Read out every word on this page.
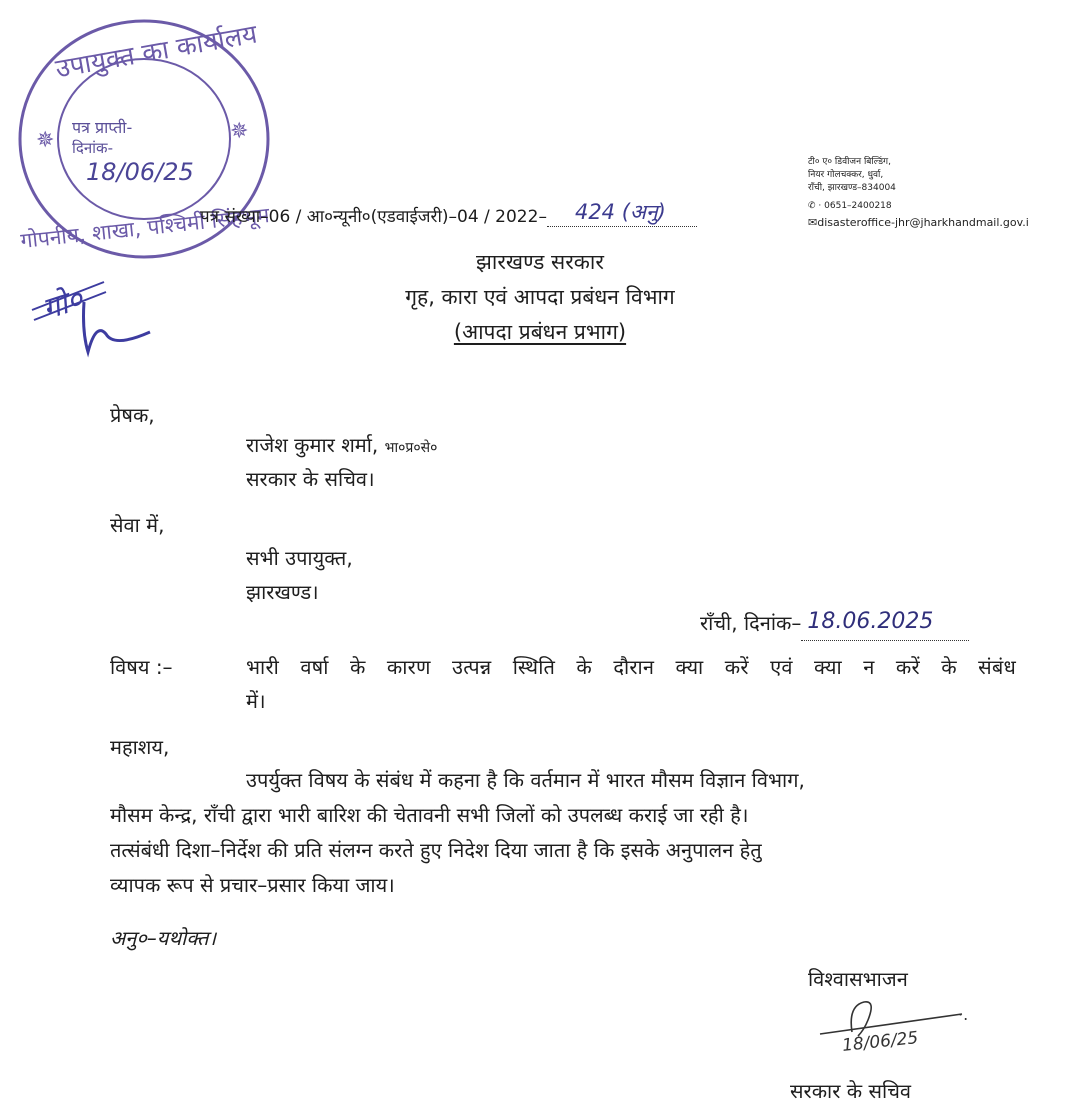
✵	✵
उपायुक्त का कार्यालय
गोपनीय, शाखा, पश्चिमी सिंहभूम
पत्र प्राप्ती-
दिनांक-
18/06/25
गो०
टी० ए० डिवीजन बिल्डिंग,
नियर गोलचक्कर, धुर्वा,
राँची, झारखण्ड–834004
✆ · 0651–2400218
✉disasteroffice-jhr@jharkhandmail.gov.i
पत्र संख्या–06 / आ०न्यूनी०(एडवाईजरी)–04 / 2022– 424 (अनु)
झारखण्ड सरकार
गृह, कारा एवं आपदा प्रबंधन विभाग
(आपदा प्रबंधन प्रभाग)
प्रेषक,
राजेश कुमार शर्मा, भा०प्र०से०
सरकार के सचिव।
सेवा में,
सभी उपायुक्त,
झारखण्ड।
राँची, दिनांक– 18.06.2025
विषय :–	भारी वर्षा के कारण उत्पन्न स्थिति के दौरान क्या करें एवं क्या न करें के संबंध
में।
महाशय,
उपर्युक्त विषय के संबंध में कहना है कि वर्तमान में भारत मौसम विज्ञान विभाग,
मौसम केन्द्र, राँची द्वारा भारी बारिश की चेतावनी सभी जिलों को उपलब्ध कराई जा रही है।
तत्संबंधी दिशा–निर्देश की प्रति संलग्न करते हुए निदेश दिया जाता है कि इसके अनुपालन हेतु
व्यापक रूप से प्रचार–प्रसार किया जाय।
अनु०–यथोक्त।
विश्वासभाजन
·.
18/06/25
सरकार के सचिव
